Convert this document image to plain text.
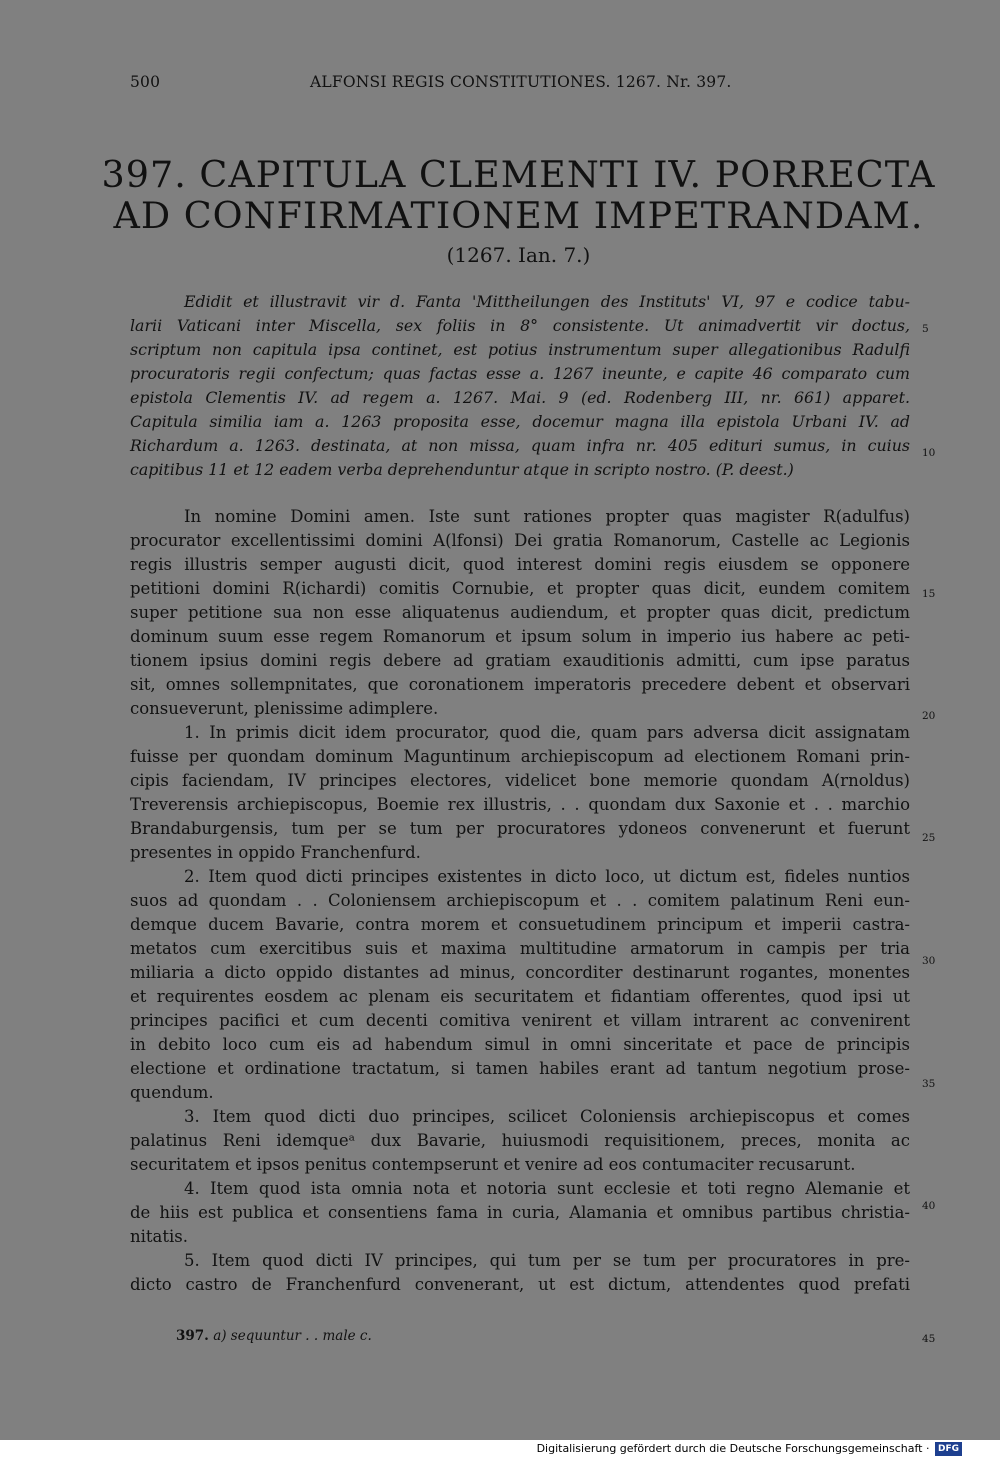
500	ALFONSI REGIS CONSTITUTIONES. 1267. Nr. 397.
397. CAPITULA CLEMENTI IV. PORRECTA
AD CONFIRMATIONEM IMPETRANDAM.
(1267. Ian. 7.)
Edidit et illustravit vir d. Fanta 'Mittheilungen des Instituts' VI, 97 e codice tabu-
larii Vaticani inter Miscella, sex foliis in 8° consistente. Ut animadvertit vir doctus,
scriptum non capitula ipsa continet, est potius instrumentum super allegationibus Radulfi
procuratoris regii confectum; quas factas esse a. 1267 ineunte, e capite 46 comparato cum
epistola Clementis IV. ad regem a. 1267. Mai. 9 (ed. Rodenberg III, nr. 661) apparet.
Capitula similia iam a. 1263 proposita esse, docemur magna illa epistola Urbani IV. ad
Richardum a. 1263. destinata, at non missa, quam infra nr. 405 edituri sumus, in cuius
capitibus 11 et 12 eadem verba deprehenduntur atque in scripto nostro. (P. deest.)
In nomine Domini amen. Iste sunt rationes propter quas magister R(adulfus)
procurator excellentissimi domini A(lfonsi) Dei gratia Romanorum, Castelle ac Legionis
regis illustris semper augusti dicit, quod interest domini regis eiusdem se opponere
petitioni domini R(ichardi) comitis Cornubie, et propter quas dicit, eundem comitem
super petitione sua non esse aliquatenus audiendum, et propter quas dicit, predictum
dominum suum esse regem Romanorum et ipsum solum in imperio ius habere ac peti-
tionem ipsius domini regis debere ad gratiam exauditionis admitti, cum ipse paratus
sit, omnes sollempnitates, que coronationem imperatoris precedere debent et observari
consueverunt, plenissime adimplere.
1. In primis dicit idem procurator, quod die, quam pars adversa dicit assignatam
fuisse per quondam dominum Maguntinum archiepiscopum ad electionem Romani prin-
cipis faciendam, IV principes electores, videlicet bone memorie quondam A(rnoldus)
Treverensis archiepiscopus, Boemie rex illustris, . . quondam dux Saxonie et . . marchio
Brandaburgensis, tum per se tum per procuratores ydoneos convenerunt et fuerunt
presentes in oppido Franchenfurd.
2. Item quod dicti principes existentes in dicto loco, ut dictum est, fideles nuntios
suos ad quondam . . Coloniensem archiepiscopum et . . comitem palatinum Reni eun-
demque ducem Bavarie, contra morem et consuetudinem principum et imperii castra-
metatos cum exercitibus suis et maxima multitudine armatorum in campis per tria
miliaria a dicto oppido distantes ad minus, concorditer destinarunt rogantes, monentes
et requirentes eosdem ac plenam eis securitatem et fidantiam offerentes, quod ipsi ut
principes pacifici et cum decenti comitiva venirent et villam intrarent ac convenirent
in debito loco cum eis ad habendum simul in omni sinceritate et pace de principis
electione et ordinatione tractatum, si tamen habiles erant ad tantum negotium prose-
quendum.
3. Item quod dicti duo principes, scilicet Coloniensis archiepiscopus et comes
palatinus Reni idemqueᵃ dux Bavarie, huiusmodi requisitionem, preces, monita ac
securitatem et ipsos penitus contempserunt et venire ad eos contumaciter recusarunt.
4. Item quod ista omnia nota et notoria sunt ecclesie et toti regno Alemanie et
de hiis est publica et consentiens fama in curia, Alamania et omnibus partibus christia-
nitatis.
5. Item quod dicti IV principes, qui tum per se tum per procuratores in pre-
dicto castro de Franchenfurd convenerant, ut est dictum, attendentes quod prefati
5
10
15
20
25
30
35
40
45
397. a) sequuntur . . male c.
Digitalisierung gefördert durch die Deutsche Forschungsgemeinschaft · DFG
